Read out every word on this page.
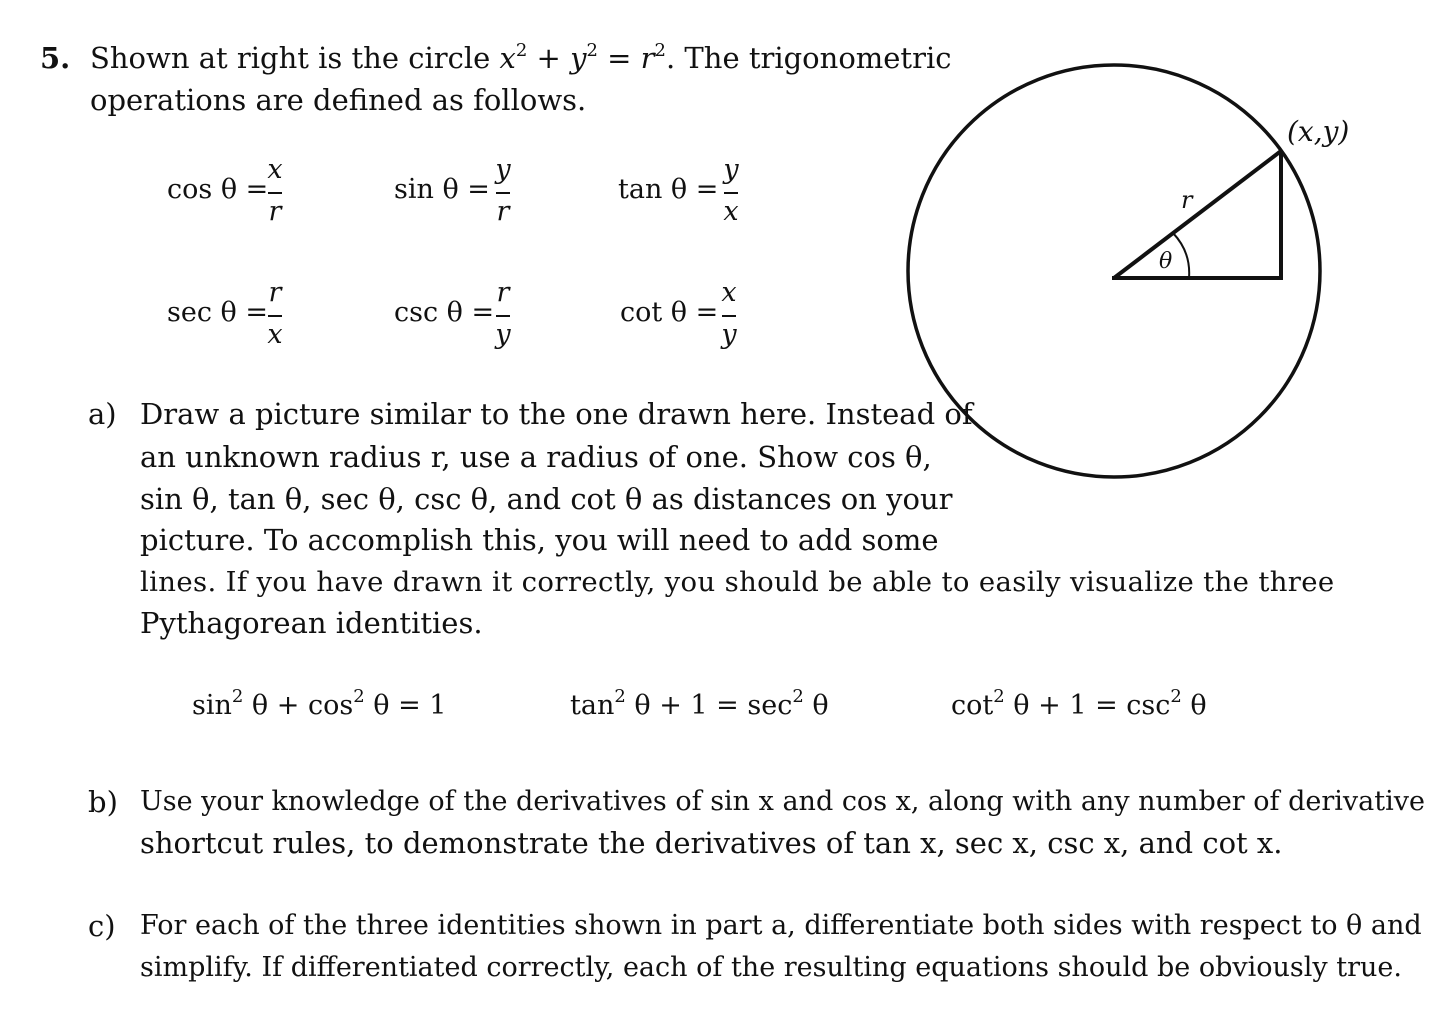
5. Shown at right is the circle $x^2 + y^2 = r^2$. The trigonometric
operations are defined as follows.
cos θ =
x
r
sin θ =
y
r
tan θ =
y
x
sec θ =
r
x
csc θ =
r
y
cot θ =
x
y
(x,y)
r
θ
a) Draw a picture similar to the one drawn here. Instead of
an unknown radius r, use a radius of one. Show cos θ,
sin θ, tan θ, sec θ, csc θ, and cot θ as distances on your
picture. To accomplish this, you will need to add some
lines. If you have drawn it correctly, you should be able to easily visualize the three
Pythagorean identities.
$\sin^2 \theta + \cos^2 \theta = 1$	$\tan^2 \theta + 1 = \sec^2 \theta$	$\cot^2 \theta + 1 = \csc^2 \theta$
b) Use your knowledge of the derivatives of sin x and cos x, along with any number of derivative
shortcut rules, to demonstrate the derivatives of tan x, sec x, csc x, and cot x.
c) For each of the three identities shown in part a, differentiate both sides with respect to θ and
simplify. If differentiated correctly, each of the resulting equations should be obviously true.
